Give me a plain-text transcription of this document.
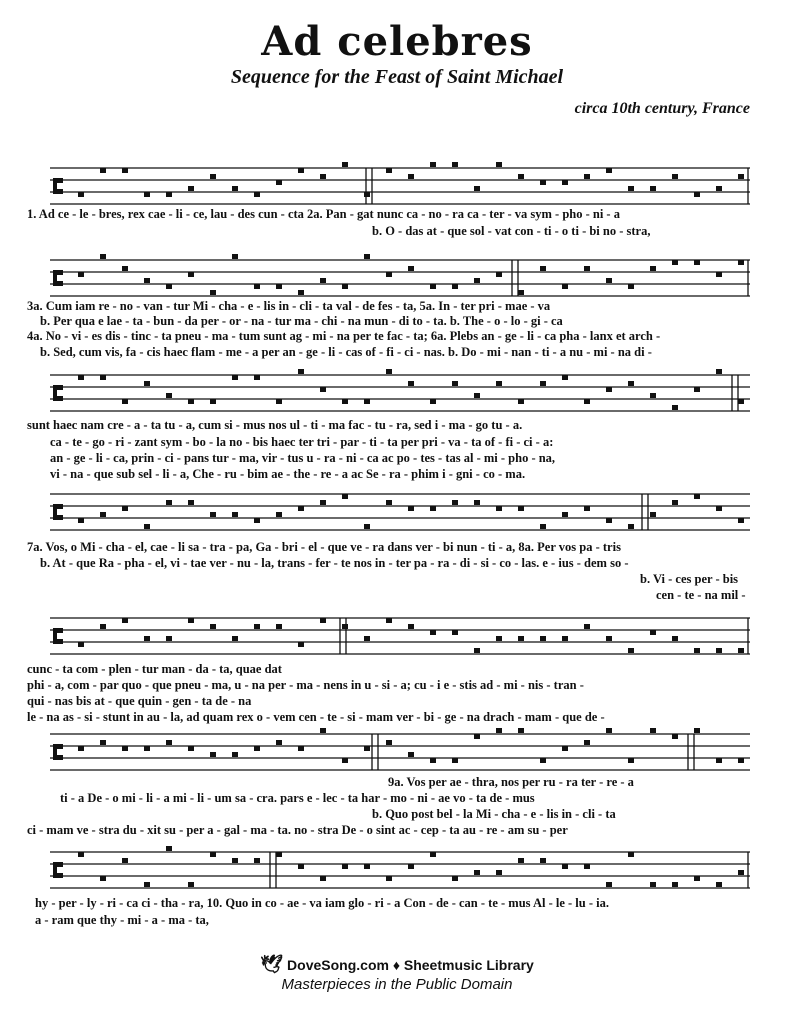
Ad celebres
Sequence for the Feast of Saint Michael
circa 10th century, France
1. Ad ce - le - bres, rex cae - li - ce, lau - des cun - cta 2a. Pan - gat nunc ca - no - ra ca - ter - va sym - pho - ni - a
b. O - das at - que sol - vat con - ti - o ti - bi no - stra,
3a. Cum iam re - no - van - tur Mi - cha - e - lis in - cli - ta val - de fes - ta, 5a. In - ter pri - mae - va
b. Per qua e lae - ta - bun - da per - or - na - tur ma - chi - na mun - di to - ta. b. The - o - lo - gi - ca
4a. No - vi - es dis - tinc - ta pneu - ma - tum sunt ag - mi - na per te fac - ta; 6a. Plebs an - ge - li - ca pha - lanx et arch -
b. Sed, cum vis, fa - cis haec flam - me - a per an - ge - li - cas of - fi - ci - nas. b. Do - mi - nan - ti - a nu - mi - na di -
sunt haec nam cre - a - ta tu - a, cum si - mus nos ul - ti - ma fac - tu - ra, sed i - ma - go tu - a.
ca - te - go - ri - zant sym - bo - la no - bis haec ter tri - par - ti - ta per pri - va - ta of - fi - ci - a:
an - ge - li - ca, prin - ci - pans tur - ma, vir - tus u - ra - ni - ca ac po - tes - tas al - mi - pho - na,
vi - na - que sub sel - li - a, Che - ru - bim ae - the - re - a ac Se - ra - phim i - gni - co - ma.
7a. Vos, o Mi - cha - el, cae - li sa - tra - pa, Ga - bri - el - que ve - ra dans ver - bi nun - ti - a, 8a. Per vos pa - tris
b. At - que Ra - pha - el, vi - tae ver - nu - la, trans - fer - te nos in - ter pa - ra - di - si - co - las. e - ius - dem so -
b. Vi - ces per - bis
cen - te - na mil -
cunc - ta com - plen - tur man - da - ta, quae dat
phi - a, com - par quo - que pneu - ma, u - na per - ma - nens in u - si - a; cu - i e - stis ad - mi - nis - tran -
qui - nas bis at - que quin - gen - ta de - na
le - na as - si - stunt in au - la, ad quam rex o - vem cen - te - si - mam ver - bi - ge - na drach - mam - que de -
9a. Vos per ae - thra, nos per ru - ra ter - re - a
ti - a De - o mi - li - a mi - li - um sa - cra. pars e - lec - ta har - mo - ni - ae vo - ta de - mus
b. Quo post bel - la Mi - cha - e - lis in - cli - ta
ci - mam ve - stra du - xit su - per a - gal - ma - ta. no - stra De - o sint ac - cep - ta au - re - am su - per
hy - per - ly - ri - ca ci - tha - ra, 10. Quo in co - ae - va iam glo - ri - a Con - de - can - te - mus Al - le - lu - ia.
a - ram que thy - mi - a - ma - ta,
🕊 DoveSong.com ♦ Sheetmusic Library
Masterpieces in the Public Domain
